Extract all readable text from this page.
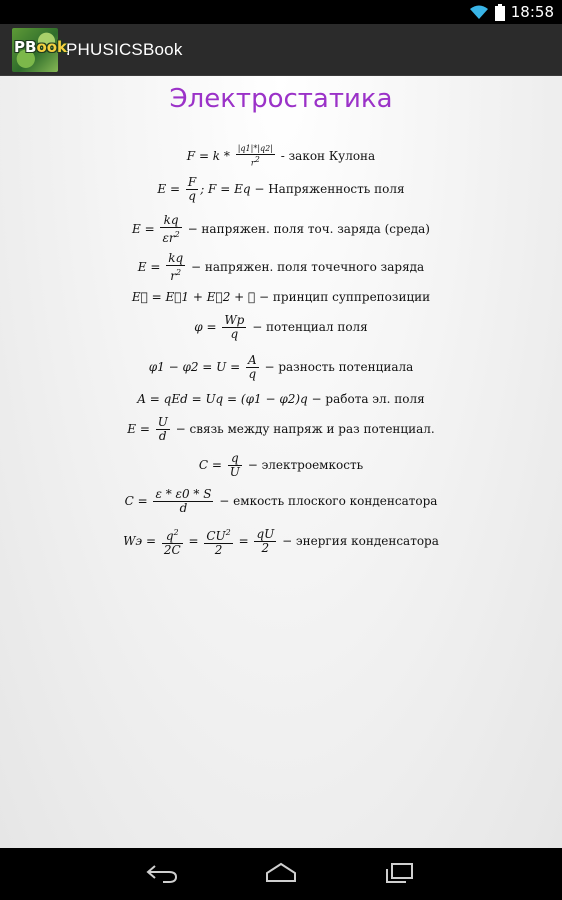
18:58
PBook
PHUSICSBook
Электростатика
$F = k * \frac{|q1|*|q2|}{r^2}$ - закон Кулона
$E = \frac{F}{q}$ ; F = Eq − Напряженность поля
$E = \frac{kq}{\varepsilon r^2}$ − напряжен. поля точ. заряда (среда)
$E = \frac{kq}{r^2}$ − напряжен. поля точечного заряда
E⃗ = E⃗1 + E⃗2 + ⋯ − принцип суппрепозиции
$\varphi = \frac{Wp}{q}$ − потенциал поля
$\varphi 1 - \varphi 2 = U = \frac{A}{q}$ − разность потенциала
A = qEd = Uq = (φ1 − φ2)q − работа эл. поля
$E = \frac{U}{d}$ − связь между напряж и раз потенциал.
$C = \frac{q}{U}$ − электроемкость
$C = \frac{\varepsilon * \varepsilon 0 * S}{d}$ − емкость плоского конденсатора
Wэ = $\frac{q^2}{2C} = \frac{CU^2}{2} = \frac{qU}{2}$ − энергия конденсатора
